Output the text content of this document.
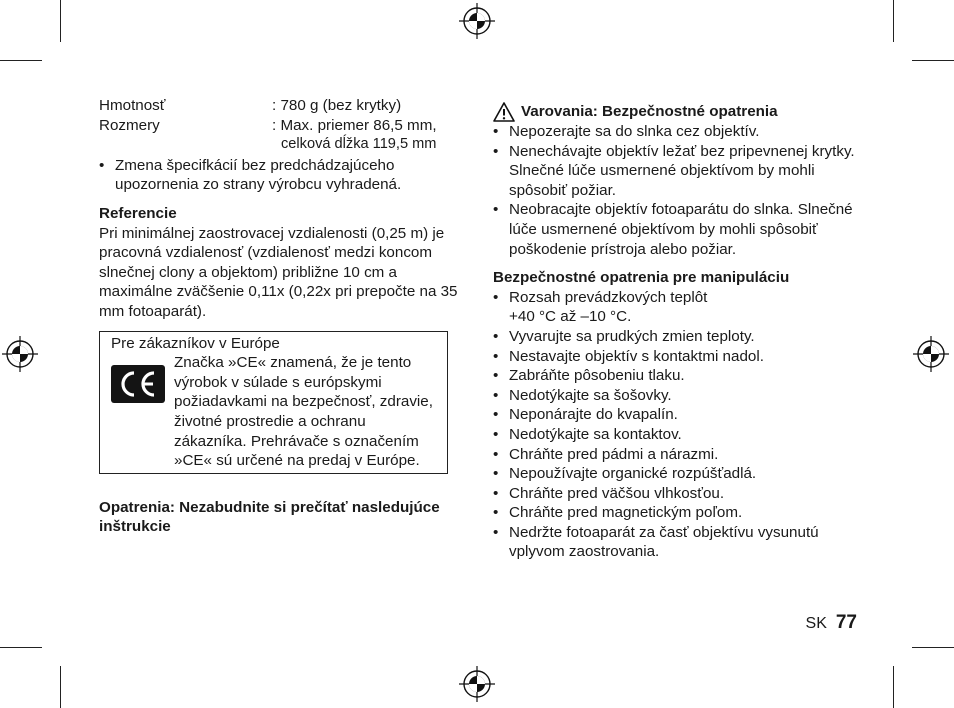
Hmotnosť	: 780 g (bez krytky)
Rozmery	: Max. priemer 86,5 mm,
celková dĺžka 119,5 mm
• Zmena špecifkácií bez predchádzajúceho upozornenia zo strany výrobcu vyhradená.
Referencie
Pri minimálnej zaostrovacej vzdialenosti (0,25 m) je pracovná vzdialenosť (vzdialenosť medzi koncom slnečnej clony a objektom) približne 10 cm a maximálne zväčšenie 0,11x (0,22x pri prepočte na 35 mm fotoaparát).
Pre zákazníkov v Európe
Značka »CE« znamená, že je tento výrobok v súlade s európskymi požiadavkami na bezpečnosť, zdravie, životné prostredie a ochranu zákazníka. Prehrávače s označením »CE« sú určené na predaj v Európe.
Opatrenia: Nezabudnite si prečítať nasledujúce inštrukcie
Varovania: Bezpečnostné opatrenia
• Nepozerajte sa do slnka cez objektív.
• Nenechávajte objektív ležať bez pripevnenej krytky. Slnečné lúče usmernené objektívom by mohli spôsobiť požiar.
• Neobracajte objektív fotoaparátu do slnka. Slnečné lúče usmernené objektívom by mohli spôsobiť poškodenie prístroja alebo požiar.
Bezpečnostné opatrenia pre manipuláciu
• Rozsah prevádzkových teplôt
+40 °C až –10 °C.
• Vyvarujte sa prudkých zmien teploty.
• Nestavajte objektív s kontaktmi nadol.
• Zabráňte pôsobeniu tlaku.
• Nedotýkajte sa šošovky.
• Neponárajte do kvapalín.
• Nedotýkajte sa kontaktov.
• Chráňte pred pádmi a nárazmi.
• Nepoužívajte organické rozpúšťadlá.
• Chráňte pred väčšou vlhkosťou.
• Chráňte pred magnetickým poľom.
• Nedržte fotoaparát za časť objektívu vysunutú vplyvom zaostrovania.
SK 77
